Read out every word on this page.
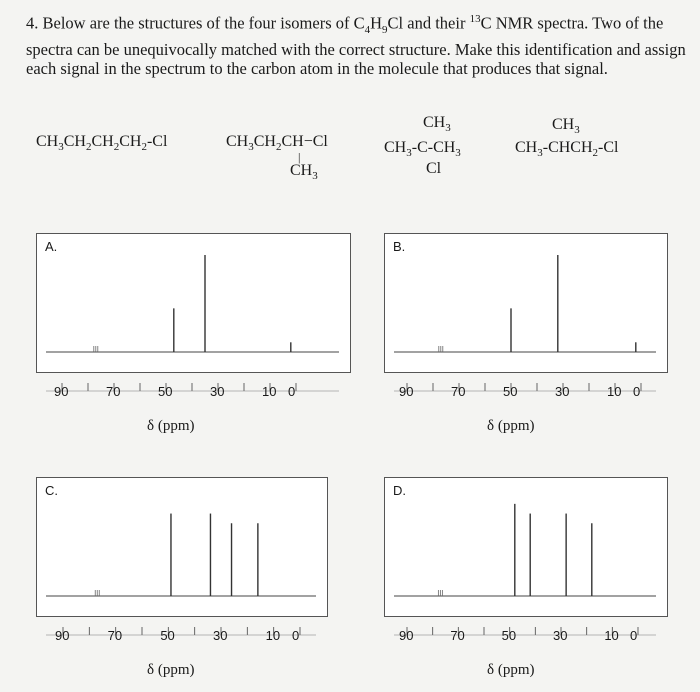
4. Below are the structures of the four isomers of $C_4H_9Cl$ and their $^{13}$C NMR spectra. Two of the spectra can be unequivocally matched with the correct structure. Make this identification and assign each signal in the spectrum to the carbon atom in the molecule that produces that signal.
$CH_3CH_2CH_2CH_2-Cl$	$CH_3CH_2CH-Cl$
|
$CH_3$
$CH_3$
$CH_3-C-CH_3$
Cl
$CH_3$
$CH_3-CHCH_2-Cl$
A.
90	70	50	30	10 0
δ (ppm)
B.
90	70	50	30	10 0
δ (ppm)
C.
90	70	50	30	10 0
δ (ppm)
D.
90	70	50	30	10 0
δ (ppm)
